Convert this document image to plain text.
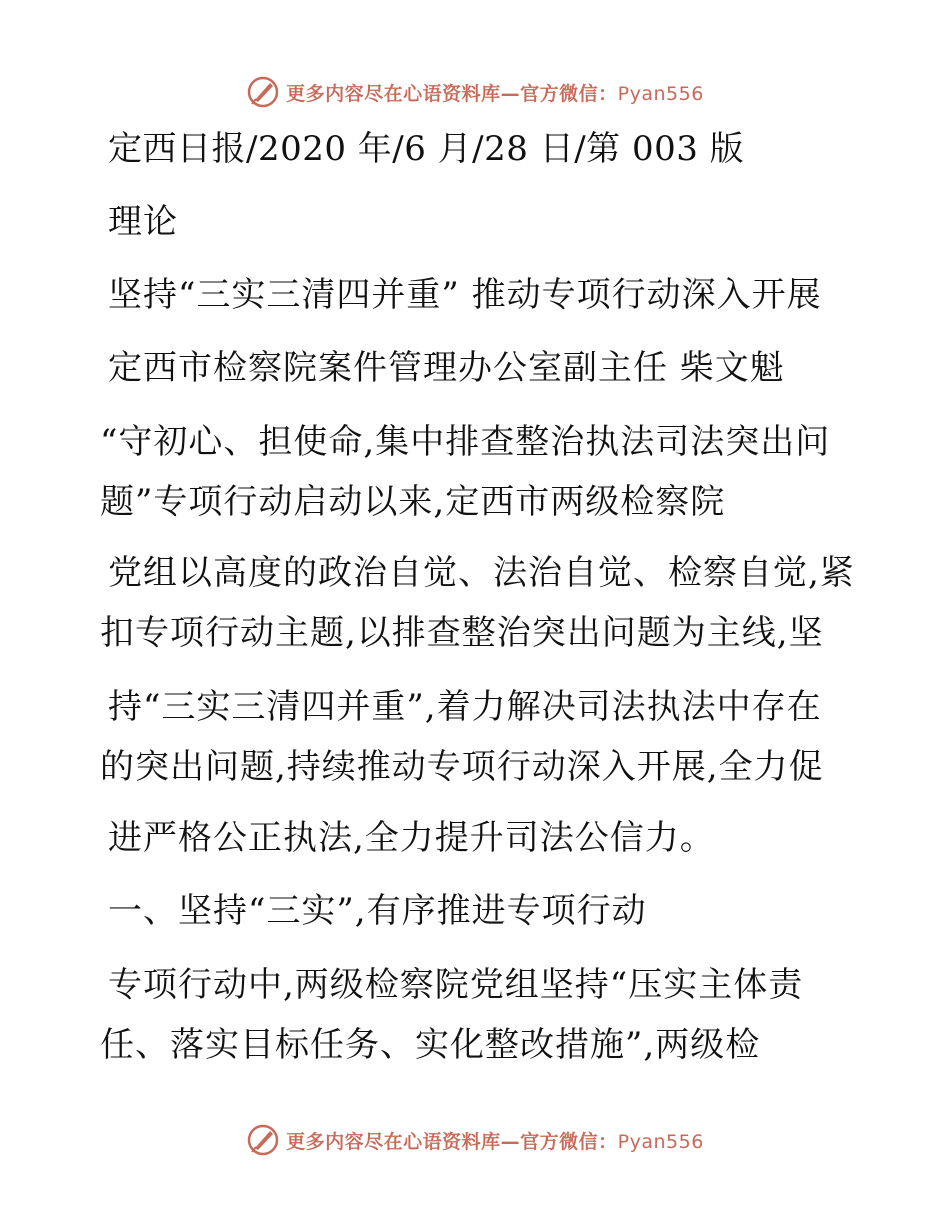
更多内容尽在心语资料库—官方微信：Pyan556
定西日报/2020 年/6 月/28 日/第 003 版
理论
坚持“三实三清四并重” 推动专项行动深入开展
定西市检察院案件管理办公室副主任 柴文魁
“守初心、担使命,集中排查整治执法司法突出问
题”专项行动启动以来,定西市两级检察院
党组以高度的政治自觉、法治自觉、检察自觉,紧
扣专项行动主题,以排查整治突出问题为主线,坚
持“三实三清四并重”,着力解决司法执法中存在
的突出问题,持续推动专项行动深入开展,全力促
进严格公正执法,全力提升司法公信力。
一、坚持“三实”,有序推进专项行动
专项行动中,两级检察院党组坚持“压实主体责
任、落实目标任务、实化整改措施”,两级检
更多内容尽在心语资料库—官方微信：Pyan556
